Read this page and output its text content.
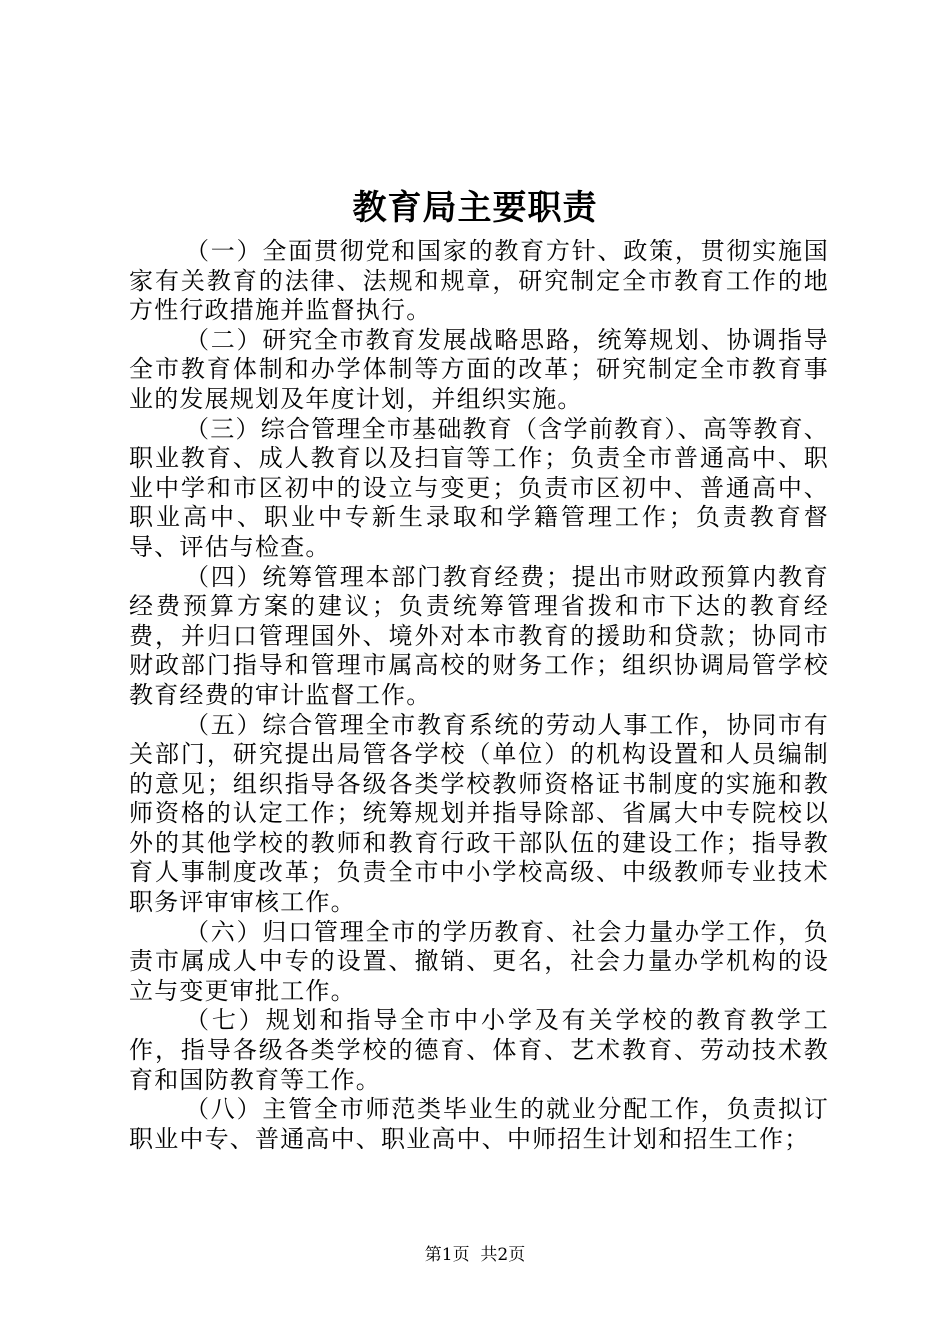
教育局主要职责

（一）全面贯彻党和国家的教育方针、政策，贯彻实施国家有关教育的法律、法规和规章，研究制定全市教育工作的地方性行政措施并监督执行。

（二）研究全市教育发展战略思路，统筹规划、协调指导全市教育体制和办学体制等方面的改革；研究制定全市教育事业的发展规划及年度计划，并组织实施。

（三）综合管理全市基础教育（含学前教育）、高等教育、职业教育、成人教育以及扫盲等工作；负责全市普通高中、职业中学和市区初中的设立与变更；负责市区初中、普通高中、职业高中、职业中专新生录取和学籍管理工作；负责教育督导、评估与检查。

（四）统筹管理本部门教育经费；提出市财政预算内教育经费预算方案的建议；负责统筹管理省拨和市下达的教育经费，并归口管理国外、境外对本市教育的援助和贷款；协同市财政部门指导和管理市属高校的财务工作；组织协调局管学校教育经费的审计监督工作。

（五）综合管理全市教育系统的劳动人事工作，协同市有关部门，研究提出局管各学校（单位）的机构设置和人员编制的意见；组织指导各级各类学校教师资格证书制度的实施和教师资格的认定工作；统筹规划并指导除部、省属大中专院校以外的其他学校的教师和教育行政干部队伍的建设工作；指导教育人事制度改革；负责全市中小学校高级、中级教师专业技术职务评审审核工作。

（六）归口管理全市的学历教育、社会力量办学工作，负责市属成人中专的设置、撤销、更名，社会力量办学机构的设立与变更审批工作。

（七）规划和指导全市中小学及有关学校的教育教学工作，指导各级各类学校的德育、体育、艺术教育、劳动技术教育和国防教育等工作。

（八）主管全市师范类毕业生的就业分配工作，负责拟订职业中专、普通高中、职业高中、中师招生计划和招生工作；

第1页 共2页
